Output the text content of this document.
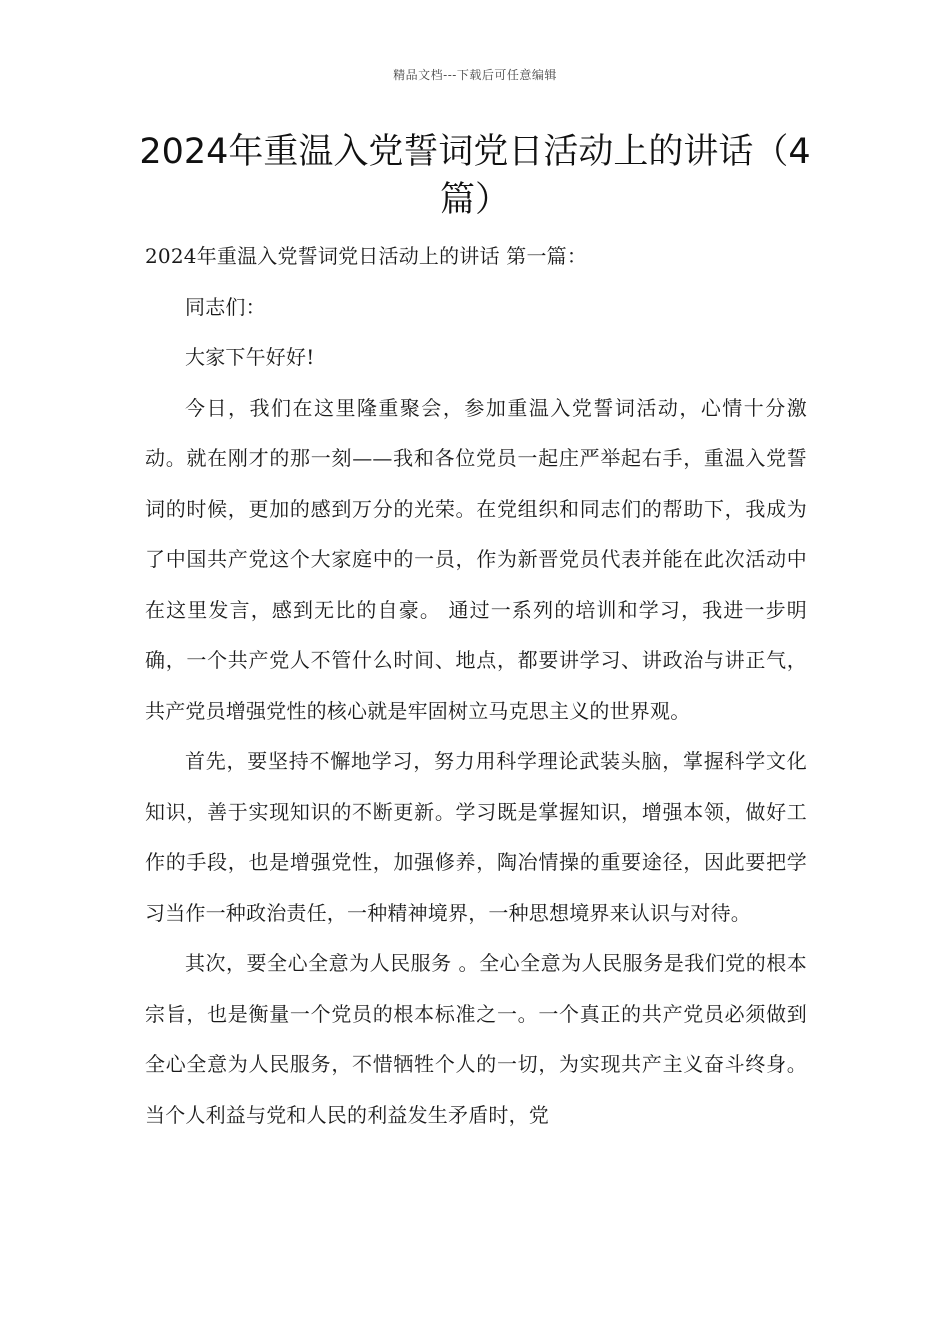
精品文档---下载后可任意编辑
2024年重温入党誓词党日活动上的讲话（4篇）

2024年重温入党誓词党日活动上的讲话 第一篇：

同志们：

大家下午好好!

今日，我们在这里隆重聚会，参加重温入党誓词活动，心情十分激动。就在刚才的那一刻——我和各位党员一起庄严举起右手，重温入党誓词的时候，更加的感到万分的光荣。在党组织和同志们的帮助下，我成为了中国共产党这个大家庭中的一员，作为新晋党员代表并能在此次活动中在这里发言，感到无比的自豪。 通过一系列的培训和学习，我进一步明确，一个共产党人不管什么时间、地点，都要讲学习、讲政治与讲正气，共产党员增强党性的核心就是牢固树立马克思主义的世界观。

首先，要坚持不懈地学习，努力用科学理论武装头脑，掌握科学文化知识，善于实现知识的不断更新。学习既是掌握知识，增强本领，做好工作的手段，也是增强党性，加强修养，陶冶情操的重要途径，因此要把学习当作一种政治责任，一种精神境界，一种思想境界来认识与对待。

其次，要全心全意为人民服务 。全心全意为人民服务是我们党的根本宗旨，也是衡量一个党员的根本标准之一。一个真正的共产党员必须做到全心全意为人民服务，不惜牺牲个人的一切，为实现共产主义奋斗终身。当个人利益与党和人民的利益发生矛盾时，党
